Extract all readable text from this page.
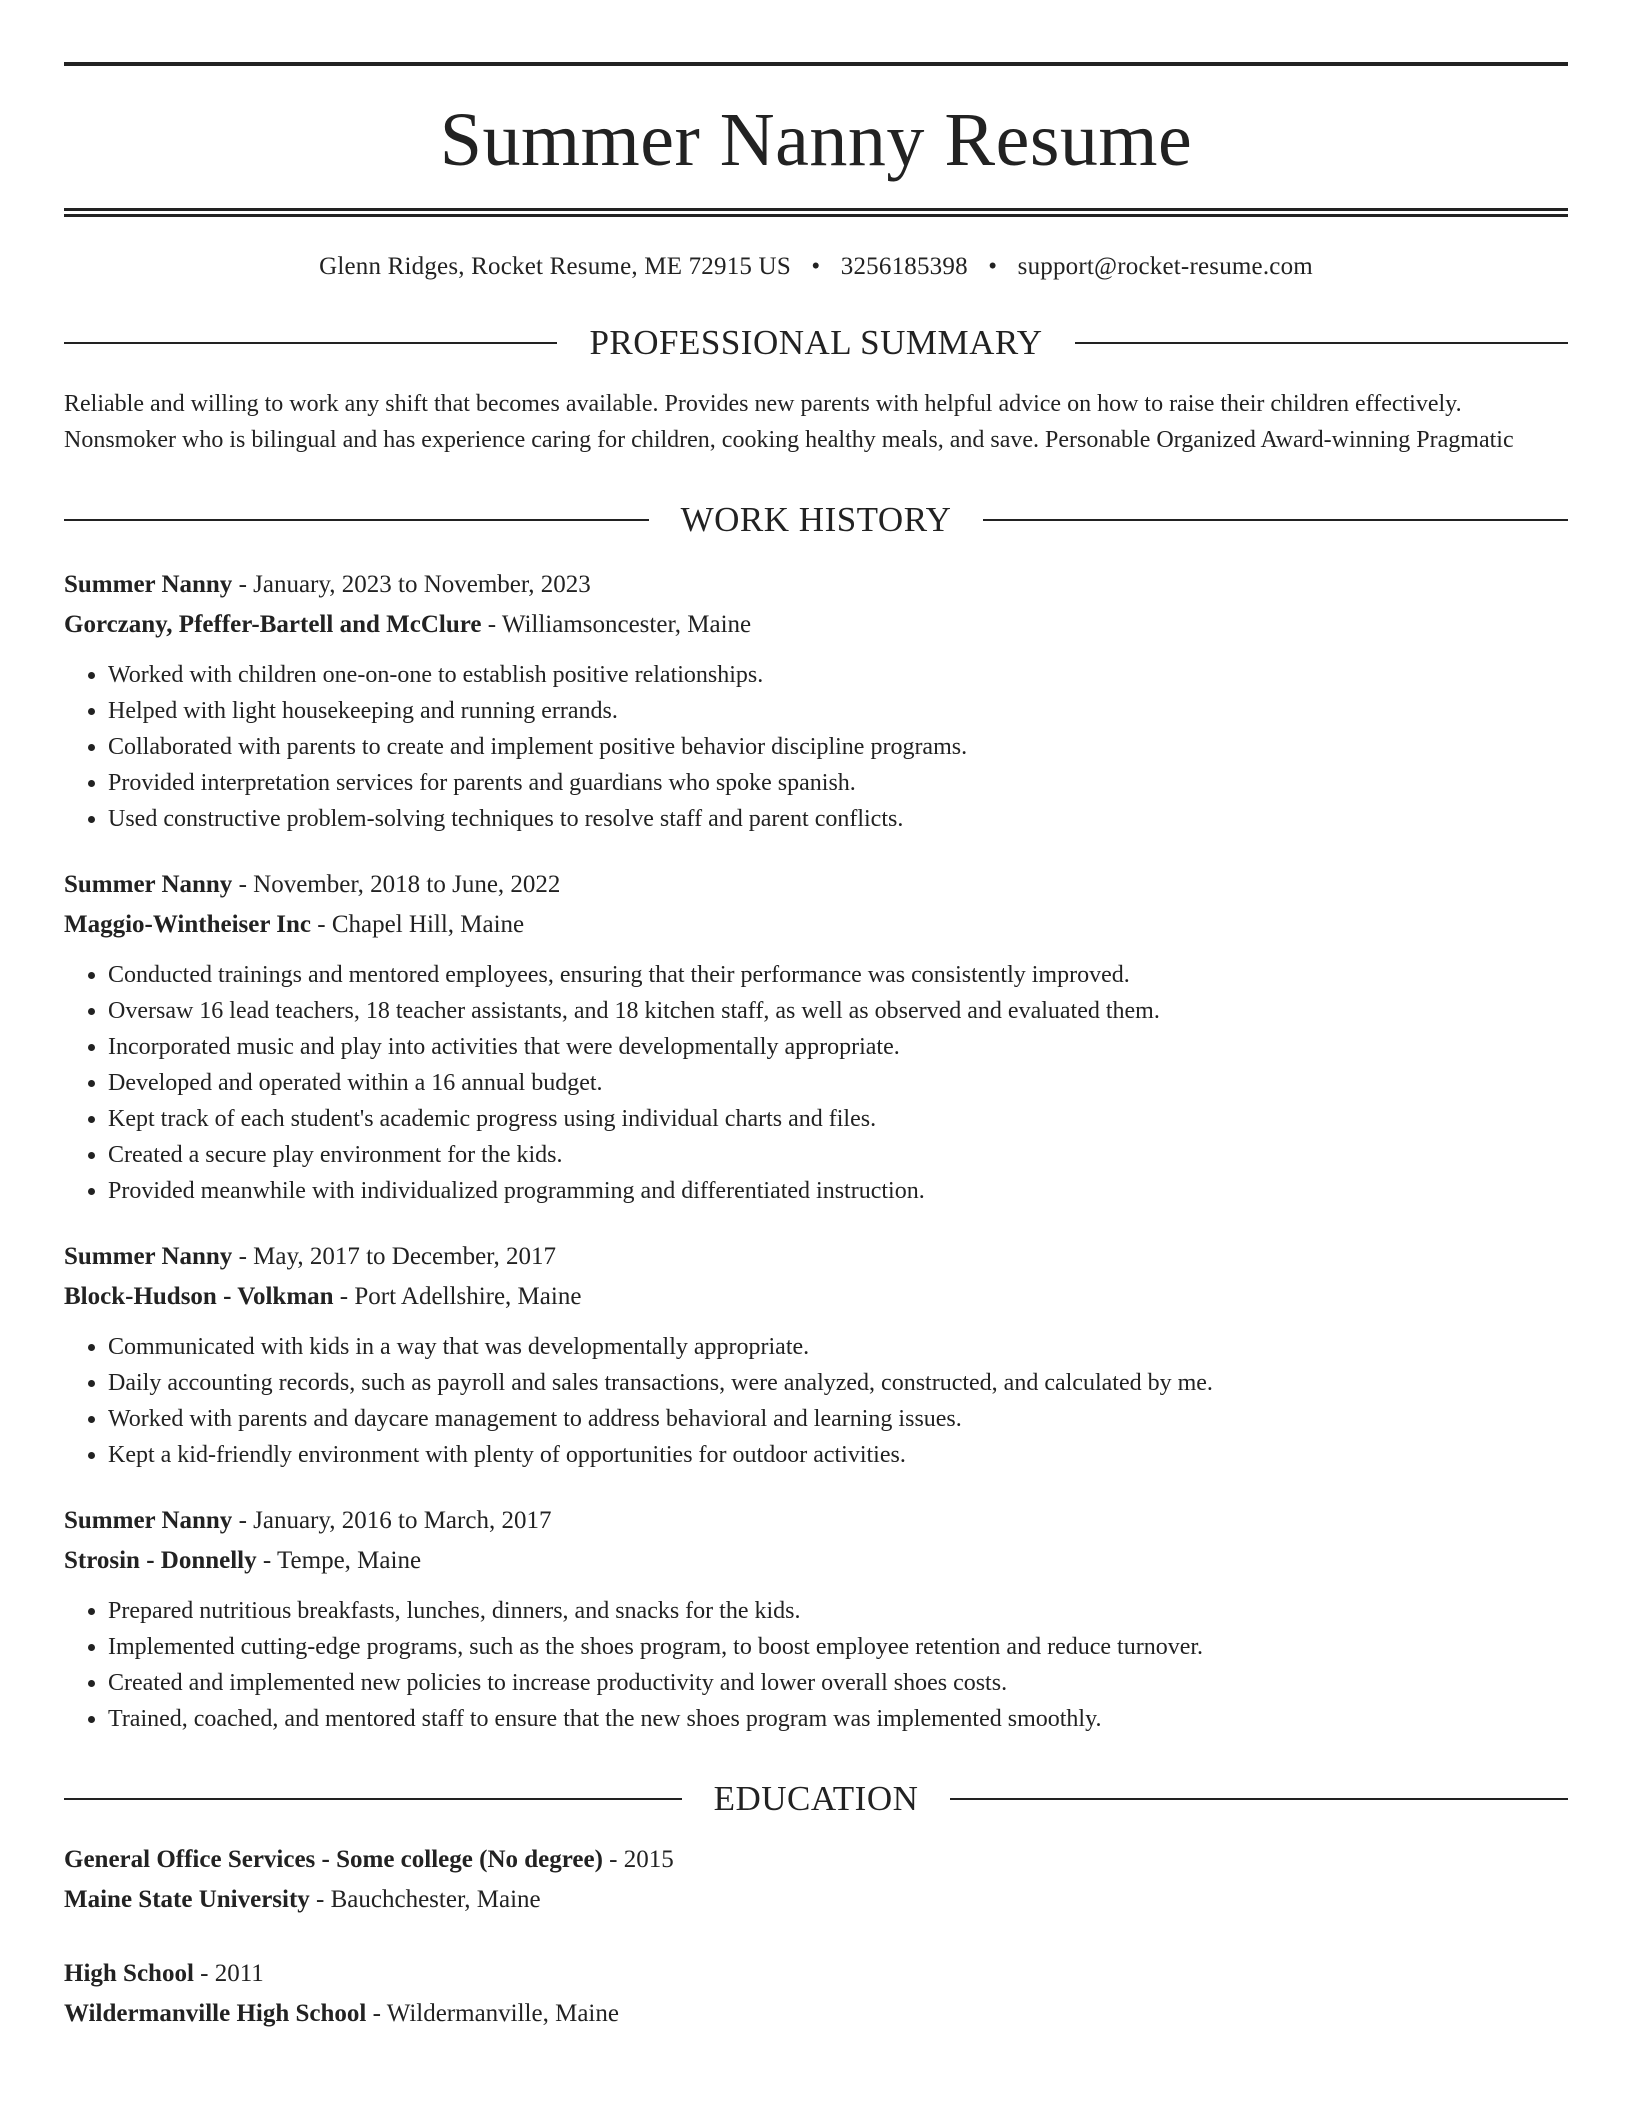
Summer Nanny Resume
Glenn Ridges, Rocket Resume, ME 72915 US • 3256185398 • support@rocket-resume.com
PROFESSIONAL SUMMARY
Reliable and willing to work any shift that becomes available. Provides new parents with helpful advice on how to raise their children effectively. Nonsmoker who is bilingual and has experience caring for children, cooking healthy meals, and save. Personable Organized Award-winning Pragmatic
WORK HISTORY
Summer Nanny - January, 2023 to November, 2023
Gorczany, Pfeffer-Bartell and McClure - Williamsoncester, Maine
• Worked with children one-on-one to establish positive relationships.
• Helped with light housekeeping and running errands.
• Collaborated with parents to create and implement positive behavior discipline programs.
• Provided interpretation services for parents and guardians who spoke spanish.
• Used constructive problem-solving techniques to resolve staff and parent conflicts.
Summer Nanny - November, 2018 to June, 2022
Maggio-Wintheiser Inc - Chapel Hill, Maine
• Conducted trainings and mentored employees, ensuring that their performance was consistently improved.
• Oversaw 16 lead teachers, 18 teacher assistants, and 18 kitchen staff, as well as observed and evaluated them.
• Incorporated music and play into activities that were developmentally appropriate.
• Developed and operated within a 16 annual budget.
• Kept track of each student's academic progress using individual charts and files.
• Created a secure play environment for the kids.
• Provided meanwhile with individualized programming and differentiated instruction.
Summer Nanny - May, 2017 to December, 2017
Block-Hudson - Volkman - Port Adellshire, Maine
• Communicated with kids in a way that was developmentally appropriate.
• Daily accounting records, such as payroll and sales transactions, were analyzed, constructed, and calculated by me.
• Worked with parents and daycare management to address behavioral and learning issues.
• Kept a kid-friendly environment with plenty of opportunities for outdoor activities.
Summer Nanny - January, 2016 to March, 2017
Strosin - Donnelly - Tempe, Maine
• Prepared nutritious breakfasts, lunches, dinners, and snacks for the kids.
• Implemented cutting-edge programs, such as the shoes program, to boost employee retention and reduce turnover.
• Created and implemented new policies to increase productivity and lower overall shoes costs.
• Trained, coached, and mentored staff to ensure that the new shoes program was implemented smoothly.
EDUCATION
General Office Services - Some college (No degree) - 2015
Maine State University - Bauchchester, Maine
High School - 2011
Wildermanville High School - Wildermanville, Maine
